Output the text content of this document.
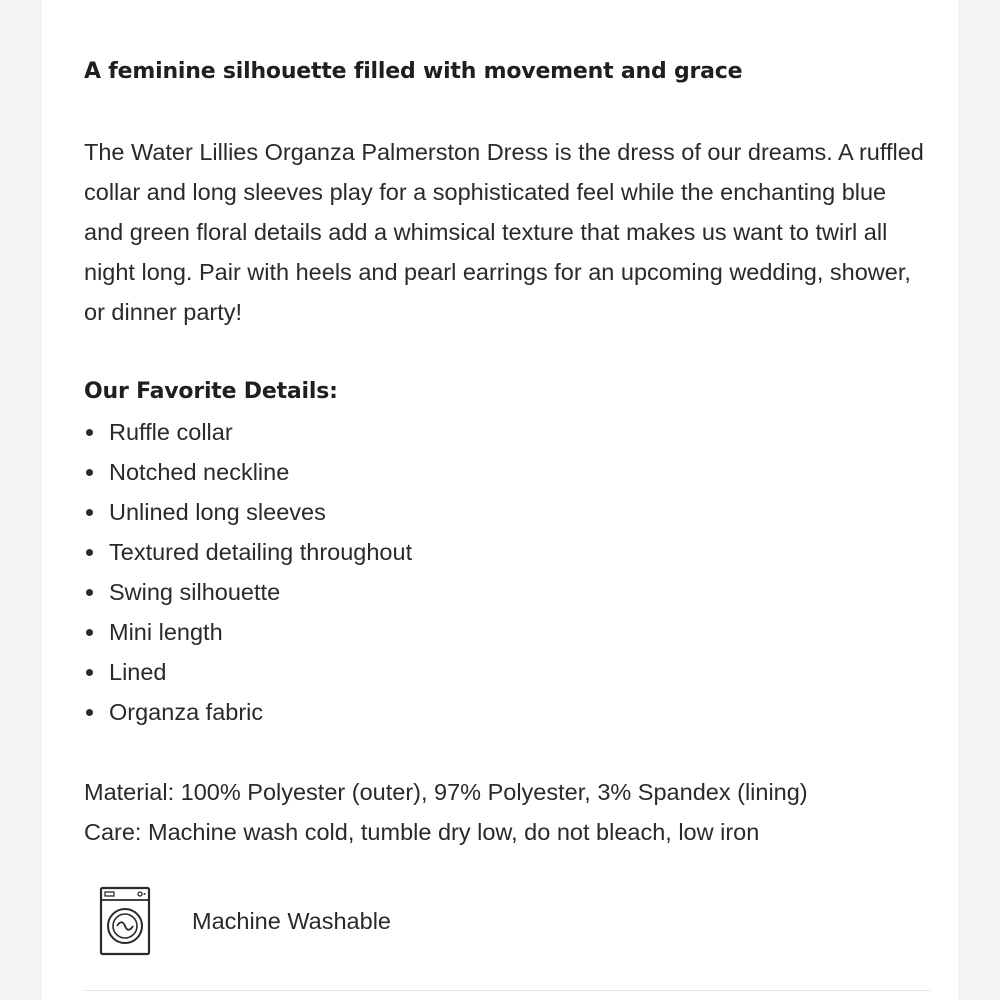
A feminine silhouette filled with movement and grace

The Water Lillies Organza Palmerston Dress is the dress of our dreams. A ruffled collar and long sleeves play for a sophisticated feel while the enchanting blue and green floral details add a whimsical texture that makes us want to twirl all night long. Pair with heels and pearl earrings for an upcoming wedding, shower, or dinner party!

Our Favorite Details:
Ruffle collar
Notched neckline
Unlined long sleeves
Textured detailing throughout
Swing silhouette
Mini length
Lined
Organza fabric
Material: 100% Polyester (outer), 97% Polyester, 3% Spandex (lining)
Care: Machine wash cold, tumble dry low, do not bleach, low iron
Machine Washable
